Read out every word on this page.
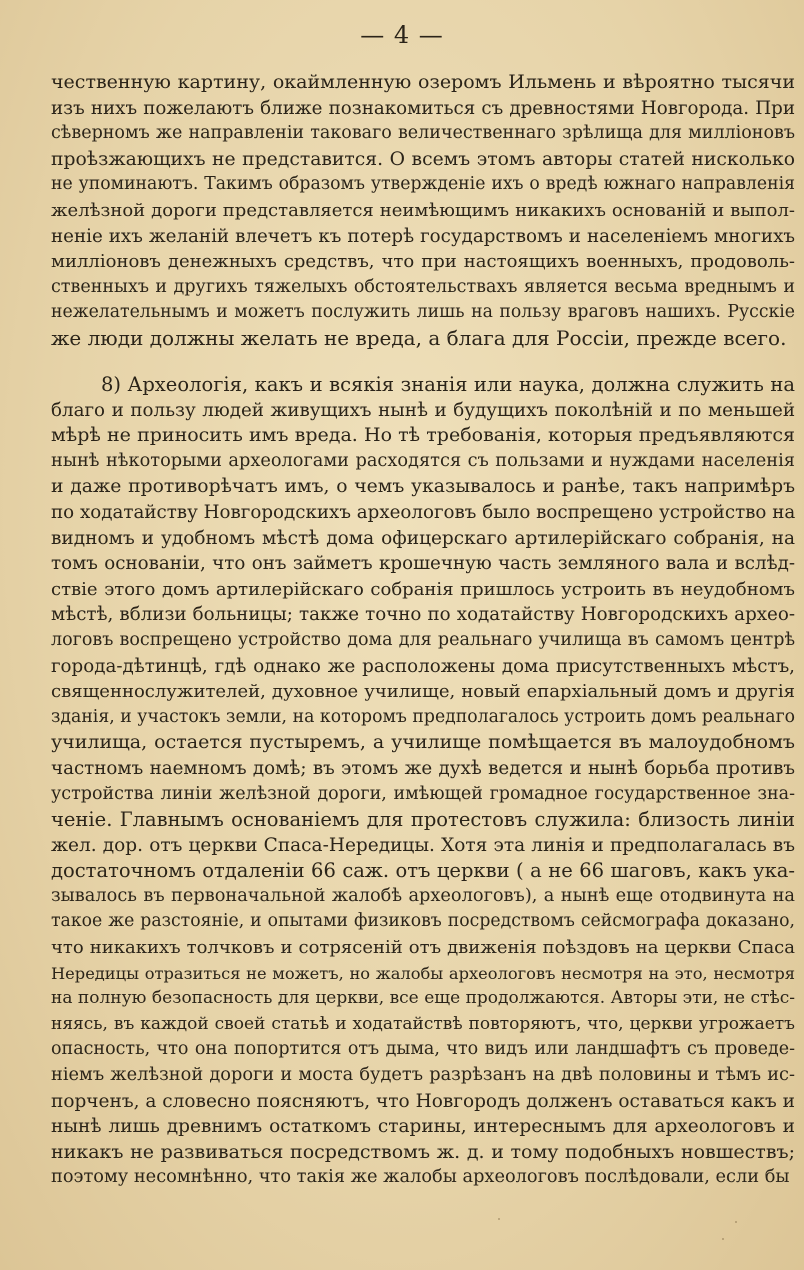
— 4 —
чественную картину, окаймленную озеромъ Ильмень и вѣроятно тысячи
изъ нихъ пожелаютъ ближе познакомиться съ древностями Новгорода. При
сѣверномъ же направленіи таковаго величественнаго зрѣлища для милліоновъ
проѣзжающихъ не представится. О всемъ этомъ авторы статей нисколько
не упоминаютъ. Такимъ образомъ утвержденіе ихъ о вредѣ южнаго направленія
желѣзной дороги представляется неимѣющимъ никакихъ основаній и выпол-
неніе ихъ желаній влечетъ къ потерѣ государствомъ и населеніемъ многихъ
милліоновъ денежныхъ средствъ, что при настоящихъ военныхъ, продоволь-
ственныхъ и другихъ тяжелыхъ обстоятельствахъ является весьма вреднымъ и
нежелательнымъ и можетъ послужить лишь на пользу враговъ нашихъ. Русскіе
же люди должны желать не вреда, а блага для Россіи, прежде всего.
8) Археологія, какъ и всякія знанія или наука, должна служить на
благо и пользу людей живущихъ нынѣ и будущихъ поколѣній и по меньшей
мѣрѣ не приносить имъ вреда. Но тѣ требованія, которыя предъявляются
нынѣ нѣкоторыми археологами расходятся съ пользами и нуждами населенія
и даже противорѣчатъ имъ, о чемъ указывалось и ранѣе, такъ напримѣръ
по ходатайству Новгородскихъ археологовъ было воспрещено устройство на
видномъ и удобномъ мѣстѣ дома офицерскаго артилерійскаго собранія, на
томъ основаніи, что онъ займетъ крошечную часть земляного вала и вслѣд-
ствіе этого домъ артилерійскаго собранія пришлось устроить въ неудобномъ
мѣстѣ, вблизи больницы; также точно по ходатайству Новгородскихъ архео-
логовъ воспрещено устройство дома для реальнаго училища въ самомъ центрѣ
города-дѣтинцѣ, гдѣ однако же расположены дома присутственныхъ мѣстъ,
священнослужителей, духовное училище, новый епархіальный домъ и другія
зданія, и участокъ земли, на которомъ предполагалось устроить домъ реальнаго
училища, остается пустыремъ, а училище помѣщается въ малоудобномъ
частномъ наемномъ домѣ; въ этомъ же духѣ ведется и нынѣ борьба противъ
устройства линіи желѣзной дороги, имѣющей громадное государственное зна-
ченіе. Главнымъ основаніемъ для протестовъ служила: близость линіи
жел. дор. отъ церкви Спаса-Нередицы. Хотя эта линія и предполагалась въ
достаточномъ отдаленіи 66 саж. отъ церкви ( а не 66 шаговъ, какъ ука-
зывалось въ первоначальной жалобѣ археологовъ), а нынѣ еще отодвинута на
такое же разстояніе, и опытами физиковъ посредствомъ сейсмографа доказано,
что никакихъ толчковъ и сотрясеній отъ движенія поѣздовъ на церкви Спаса
Нередицы отразиться не можетъ, но жалобы археологовъ несмотря на это, несмотря
на полную безопасность для церкви, все еще продолжаются. Авторы эти, не стѣс-
няясь, въ каждой своей статьѣ и ходатайствѣ повторяютъ, что, церкви угрожаетъ
опасность, что она попортится отъ дыма, что видъ или ландшафтъ съ проведе-
ніемъ желѣзной дороги и моста будетъ разрѣзанъ на двѣ половины и тѣмъ ис-
порченъ, а словесно поясняютъ, что Новгородъ долженъ оставаться какъ и
нынѣ лишь древнимъ остаткомъ старины, интереснымъ для археологовъ и
никакъ не развиваться посредствомъ ж. д. и тому подобныхъ новшествъ;
поэтому несомнѣнно, что такія же жалобы археологовъ послѣдовали, если бы
